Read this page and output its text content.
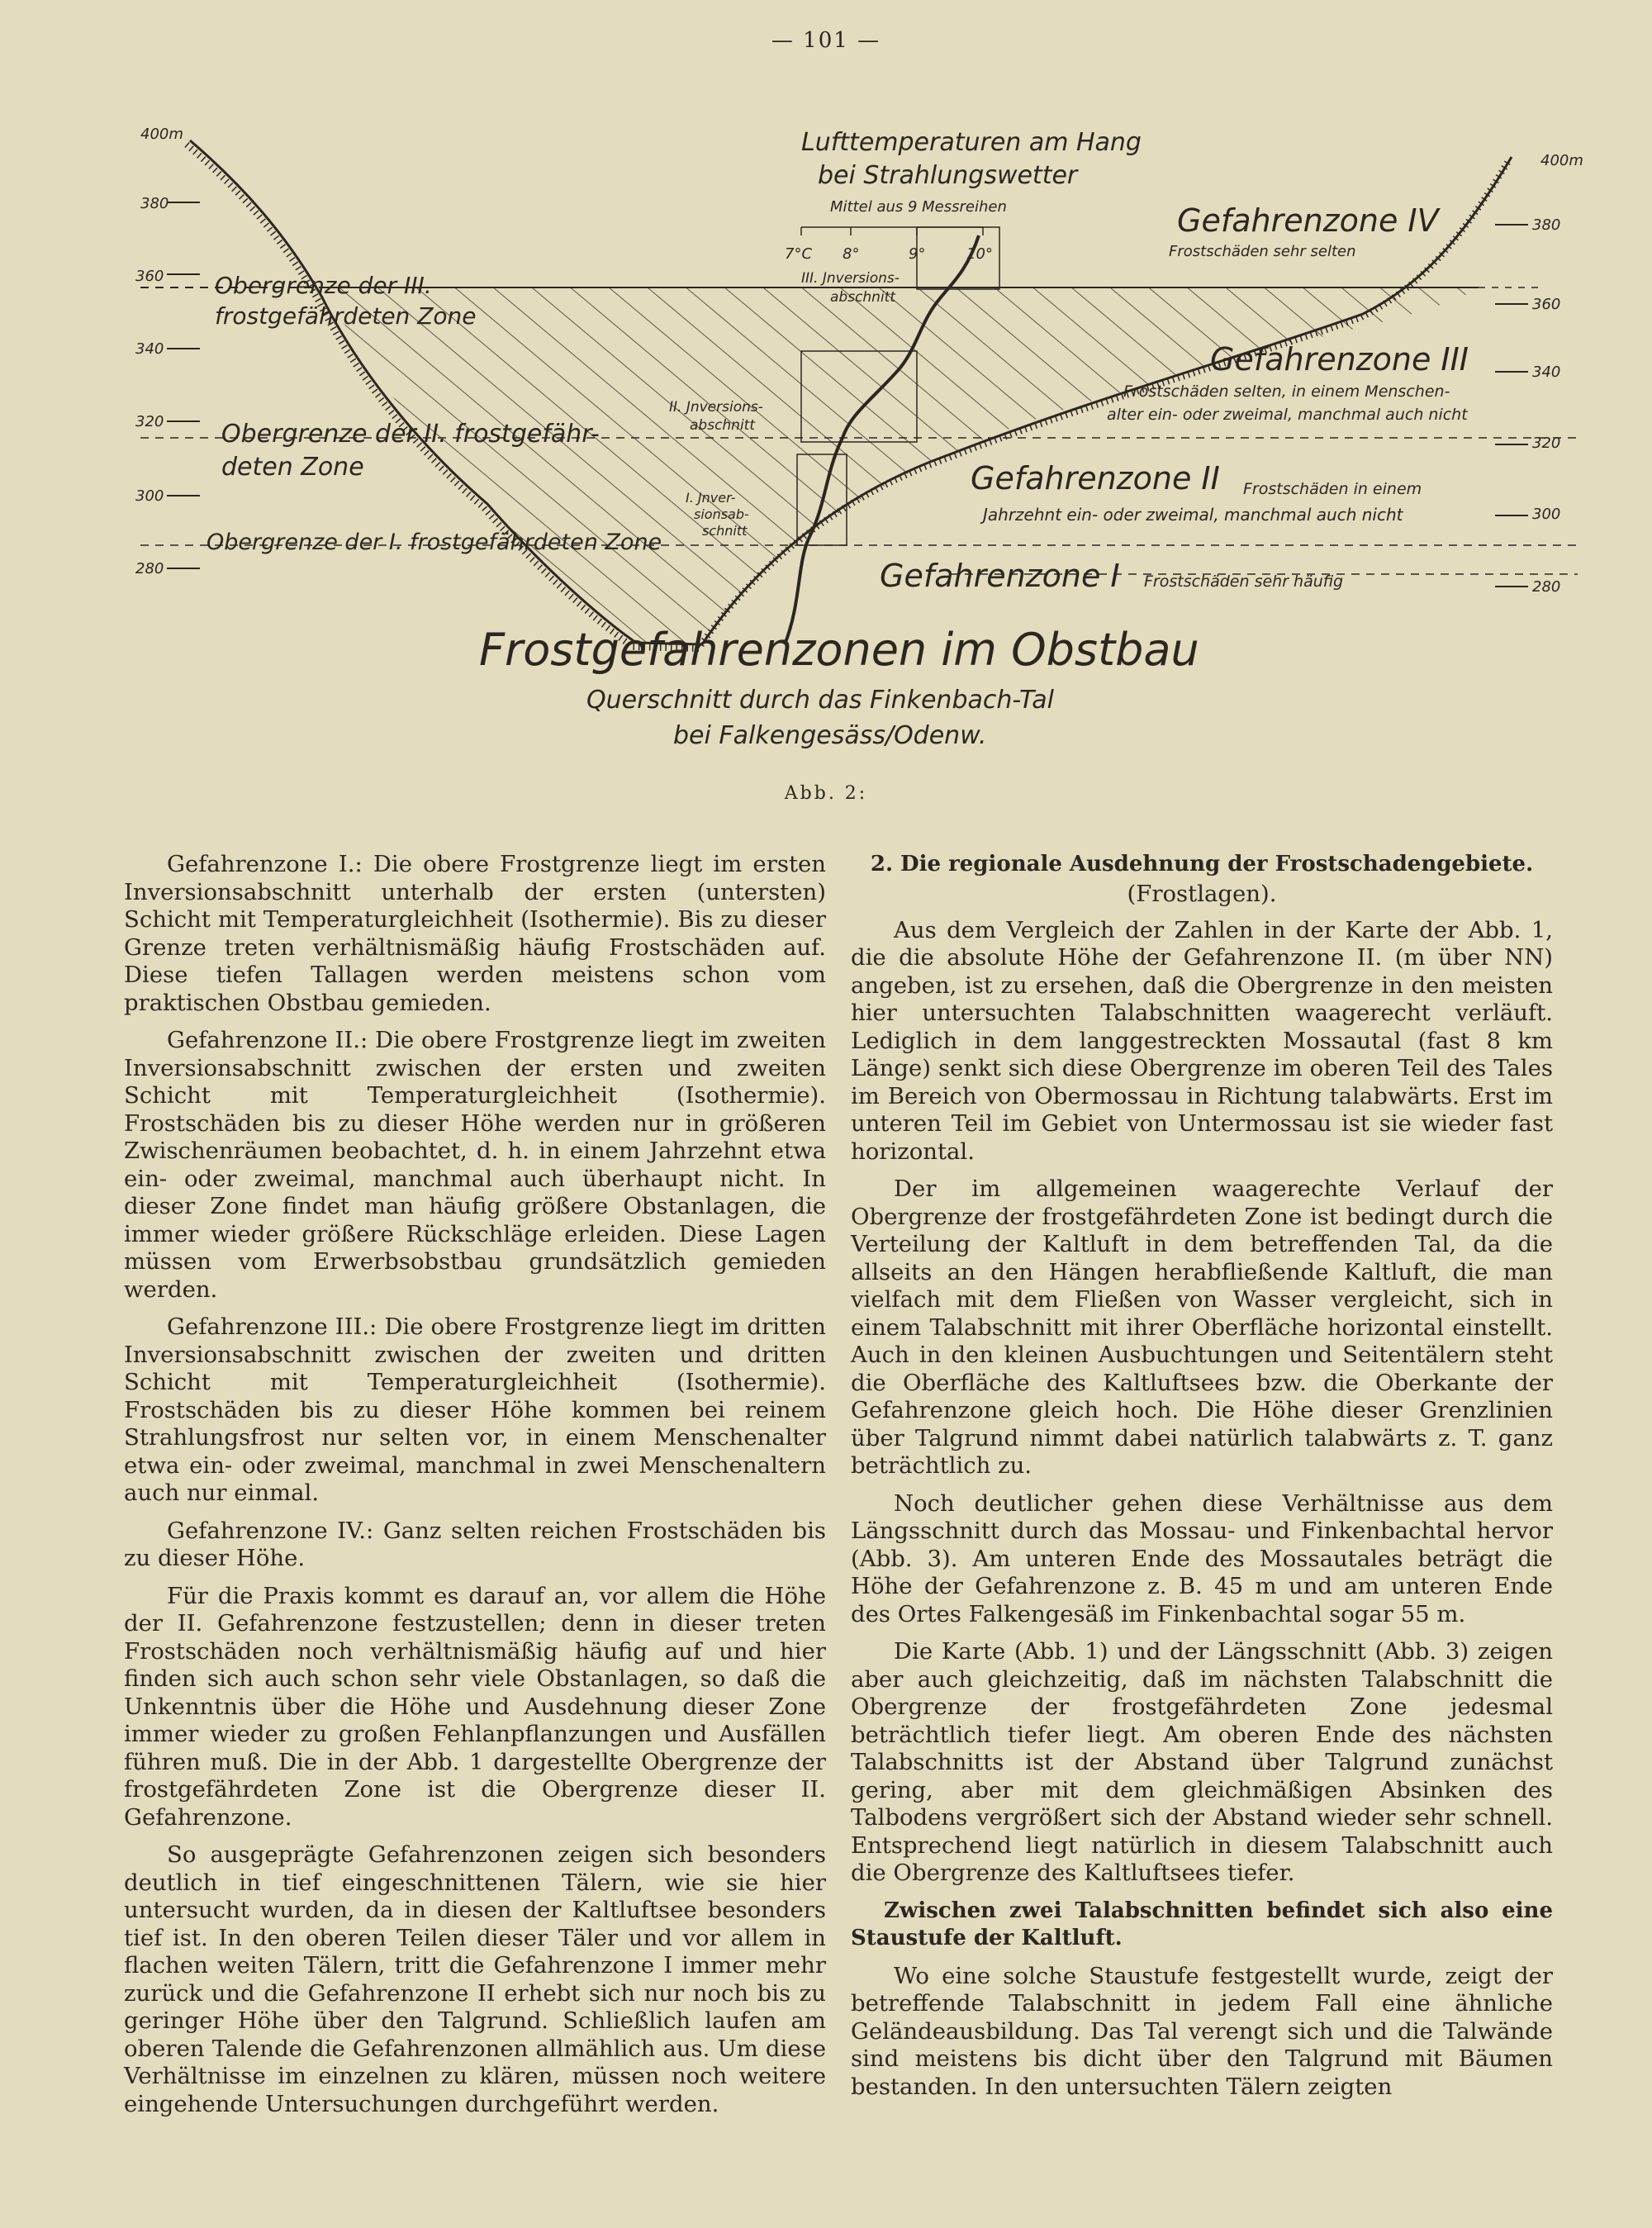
— 101 —
400m
380
360
340
320
300
280
400m
380
360
340
320
300
280
Lufttemperaturen am Hang
bei Strahlungswetter
Mittel aus 9 Messreihen
7°C 8°	9°	10°
III. Jnversions-
abschnitt
II. Jnversions-
abschnitt
I. Jnver-
sionsab-
schnitt
Obergrenze der III.
frostgefährdeten Zone
Obergrenze der II. frostgefähr-
deten Zone
Obergrenze der I. frostgefährdeten Zone
Gefahrenzone IV
Frostschäden sehr selten
Gefahrenzone III
Frostschäden selten, in einem Menschen-
alter ein- oder zweimal, manchmal auch nicht
Gefahrenzone II Frostschäden in einem
Jahrzehnt ein- oder zweimal, manchmal auch nicht
Gefahrenzone I Frostschäden sehr häufig
Frostgefahrenzonen im Obstbau
Querschnitt durch das Finkenbach-Tal
bei Falkengesäss/Odenw.
Abb. 2:

Gefahrenzone I.: Die obere Frostgrenze liegt im ersten Inversionsabschnitt unterhalb der ersten (untersten) Schicht mit Temperaturgleichheit (Isothermie). Bis zu dieser Grenze treten verhältnismäßig häufig Frostschäden auf. Diese tiefen Tallagen werden meistens schon vom praktischen Obstbau gemieden.

Gefahrenzone II.: Die obere Frostgrenze liegt im zweiten Inversionsabschnitt zwischen der ersten und zweiten Schicht mit Temperaturgleichheit (Isothermie). Frostschäden bis zu dieser Höhe werden nur in größeren Zwischenräumen beobachtet, d. h. in einem Jahrzehnt etwa ein- oder zweimal, manchmal auch überhaupt nicht. In dieser Zone findet man häufig größere Obstanlagen, die immer wieder größere Rückschläge erleiden. Diese Lagen müssen vom Erwerbsobstbau grundsätzlich gemieden werden.

Gefahrenzone III.: Die obere Frostgrenze liegt im dritten Inversionsabschnitt zwischen der zweiten und dritten Schicht mit Temperaturgleichheit (Isothermie). Frostschäden bis zu dieser Höhe kommen bei reinem Strahlungsfrost nur selten vor, in einem Menschenalter etwa ein- oder zweimal, manchmal in zwei Menschenaltern auch nur einmal.

Gefahrenzone IV.: Ganz selten reichen Frostschäden bis zu dieser Höhe.

Für die Praxis kommt es darauf an, vor allem die Höhe der II. Gefahrenzone festzustellen; denn in dieser treten Frostschäden noch verhältnismäßig häufig auf und hier finden sich auch schon sehr viele Obstanlagen, so daß die Unkenntnis über die Höhe und Ausdehnung dieser Zone immer wieder zu großen Fehlanpflanzungen und Ausfällen führen muß. Die in der Abb. 1 dargestellte Obergrenze der frostgefährdeten Zone ist die Obergrenze dieser II. Gefahrenzone.

So ausgeprägte Gefahrenzonen zeigen sich besonders deutlich in tief eingeschnittenen Tälern, wie sie hier untersucht wurden, da in diesen der Kaltluftsee besonders tief ist. In den oberen Teilen dieser Täler und vor allem in flachen weiten Tälern, tritt die Gefahrenzone I immer mehr zurück und die Gefahrenzone II erhebt sich nur noch bis zu geringer Höhe über den Talgrund. Schließlich laufen am oberen Talende die Gefahrenzonen allmählich aus. Um diese Verhältnisse im einzelnen zu klären, müssen noch weitere eingehende Untersuchungen durchgeführt werden.

2. Die regionale Ausdehnung der Frostschadengebiete.

(Frostlagen).

Aus dem Vergleich der Zahlen in der Karte der Abb. 1, die die absolute Höhe der Gefahrenzone II. (m über NN) angeben, ist zu ersehen, daß die Obergrenze in den meisten hier untersuchten Talabschnitten waagerecht verläuft. Lediglich in dem langgestreckten Mossautal (fast 8 km Länge) senkt sich diese Obergrenze im oberen Teil des Tales im Bereich von Obermossau in Richtung talabwärts. Erst im unteren Teil im Gebiet von Untermossau ist sie wieder fast horizontal.

Der im allgemeinen waagerechte Verlauf der Obergrenze der frostgefährdeten Zone ist bedingt durch die Verteilung der Kaltluft in dem betreffenden Tal, da die allseits an den Hängen herabfließende Kaltluft, die man vielfach mit dem Fließen von Wasser vergleicht, sich in einem Talabschnitt mit ihrer Oberfläche horizontal einstellt. Auch in den kleinen Ausbuchtungen und Seitentälern steht die Oberfläche des Kaltluftsees bzw. die Oberkante der Gefahrenzone gleich hoch. Die Höhe dieser Grenzlinien über Talgrund nimmt dabei natürlich talabwärts z. T. ganz beträchtlich zu.

Noch deutlicher gehen diese Verhältnisse aus dem Längsschnitt durch das Mossau- und Finkenbachtal hervor (Abb. 3). Am unteren Ende des Mossautales beträgt die Höhe der Gefahrenzone z. B. 45 m und am unteren Ende des Ortes Falkengesäß im Finkenbachtal sogar 55 m.

Die Karte (Abb. 1) und der Längsschnitt (Abb. 3) zeigen aber auch gleichzeitig, daß im nächsten Talabschnitt die Obergrenze der frostgefährdeten Zone jedesmal beträchtlich tiefer liegt. Am oberen Ende des nächsten Talabschnitts ist der Abstand über Talgrund zunächst gering, aber mit dem gleichmäßigen Absinken des Talbodens vergrößert sich der Abstand wieder sehr schnell. Entsprechend liegt natürlich in diesem Talabschnitt auch die Obergrenze des Kaltluftsees tiefer.

Zwischen zwei Talabschnitten befindet sich also eine Staustufe der Kaltluft.

Wo eine solche Staustufe festgestellt wurde, zeigt der betreffende Talabschnitt in jedem Fall eine ähnliche Geländeausbildung. Das Tal verengt sich und die Talwände sind meistens bis dicht über den Talgrund mit Bäumen bestanden. In den untersuchten Tälern zeigten
